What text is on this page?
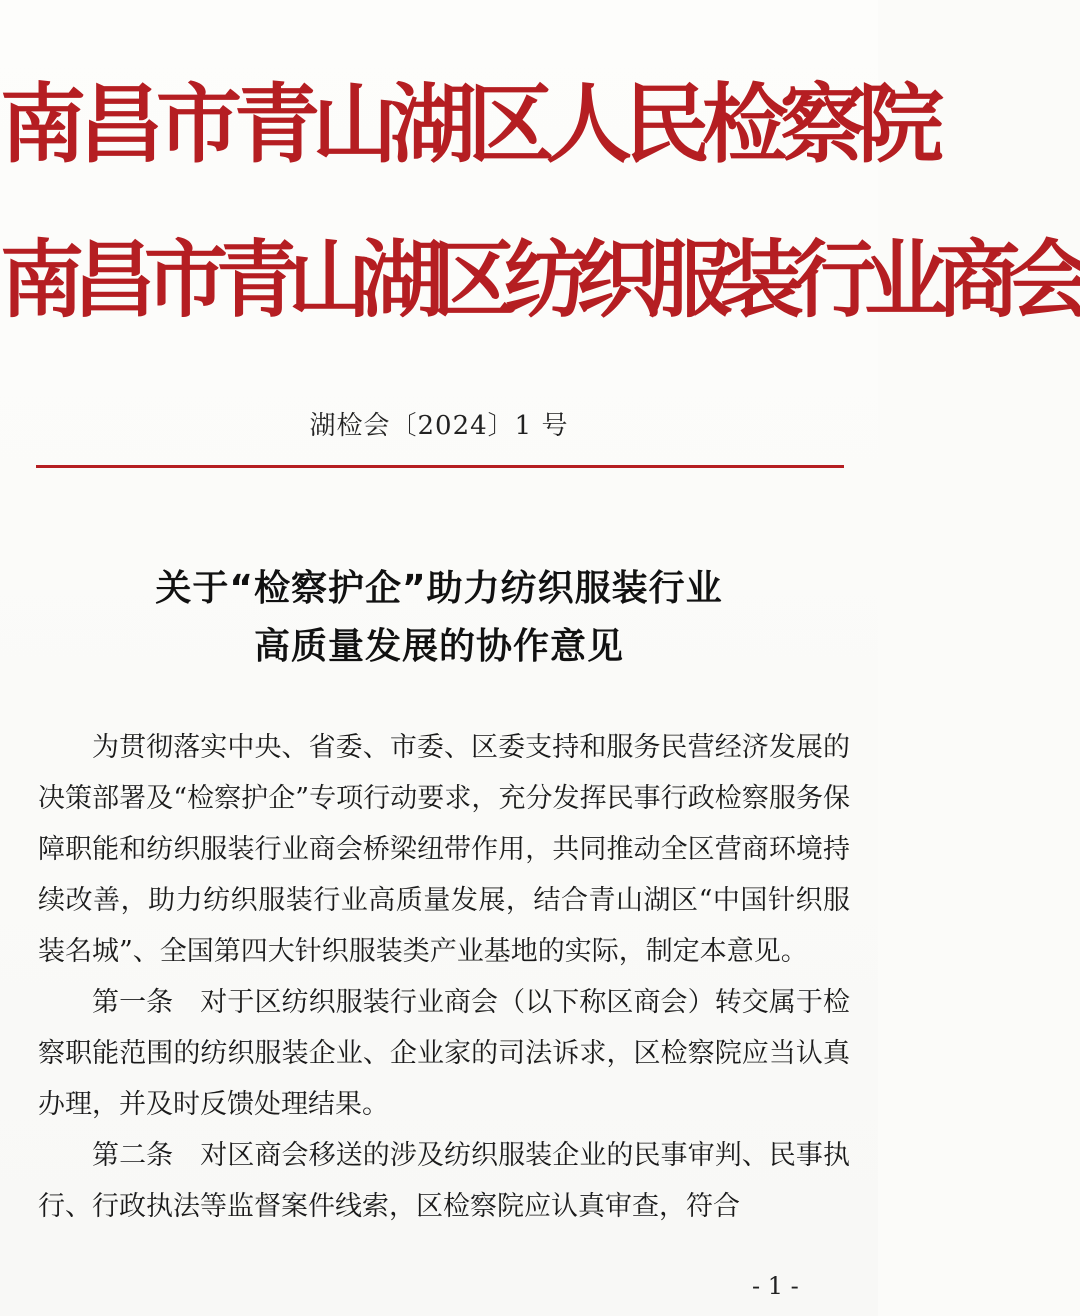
南昌市青山湖区人民检察院
南昌市青山湖区纺织服装行业商会
湖检会〔2024〕1 号
关于“检察护企”助力纺织服装行业
高质量发展的协作意见

为贯彻落实中央、省委、市委、区委支持和服务民营经济发展的决策部署及“检察护企”专项行动要求，充分发挥民事行政检察服务保障职能和纺织服装行业商会桥梁纽带作用，共同推动全区营商环境持续改善，助力纺织服装行业高质量发展，结合青山湖区“中国针织服装名城”、全国第四大针织服装类产业基地的实际，制定本意见。

第一条　对于区纺织服装行业商会（以下称区商会）转交属于检察职能范围的纺织服装企业、企业家的司法诉求，区检察院应当认真办理，并及时反馈处理结果。

第二条　对区商会移送的涉及纺织服装企业的民事审判、民事执行、行政执法等监督案件线索，区检察院应认真审查，符合

- 1 -
